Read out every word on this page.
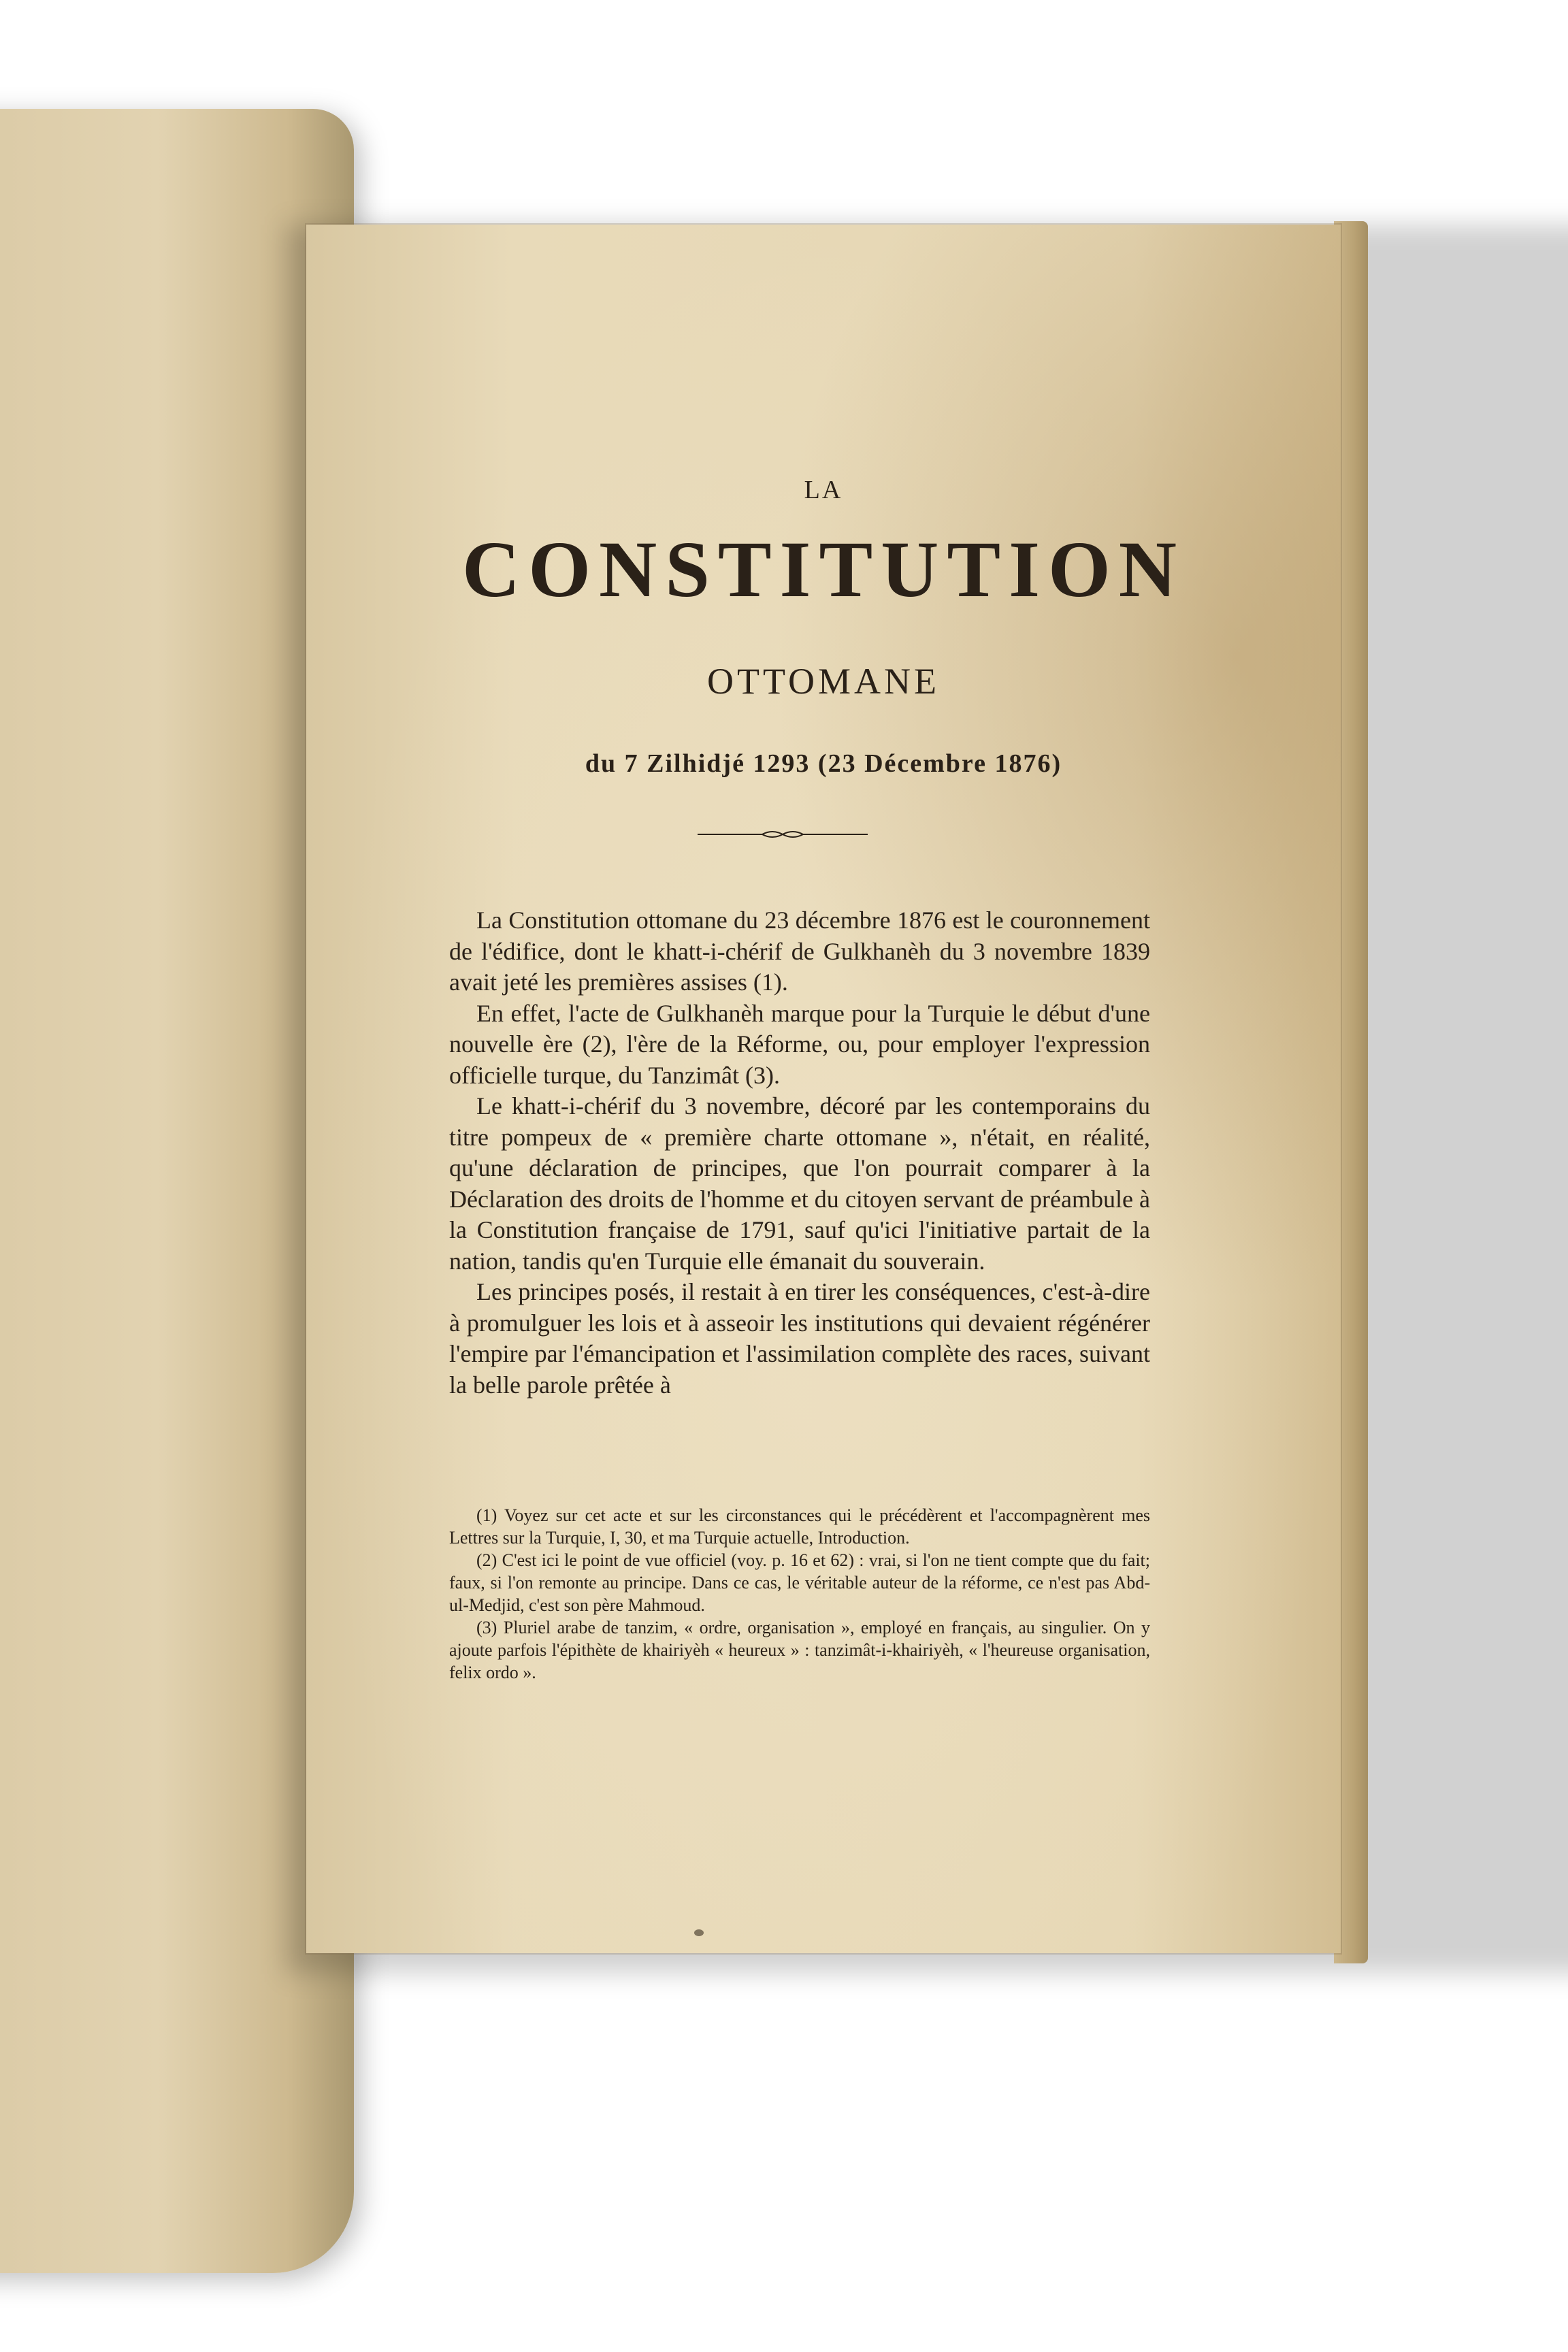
LA
CONSTITUTION
OTTOMANE
du 7 Zilhidjé 1293 (23 Décembre 1876)

La Constitution ottomane du 23 décembre 1876 est le couronnement de l'édifice, dont le khatt-i-chérif de Gulkhanèh du 3 novembre 1839 avait jeté les premières assises (1).

En effet, l'acte de Gulkhanèh marque pour la Turquie le début d'une nouvelle ère (2), l'ère de la Réforme, ou, pour employer l'expression officielle turque, du Tanzimât (3).

Le khatt-i-chérif du 3 novembre, décoré par les contemporains du titre pompeux de « première charte ottomane », n'était, en réalité, qu'une déclaration de principes, que l'on pourrait comparer à la Déclaration des droits de l'homme et du citoyen servant de préambule à la Constitution française de 1791, sauf qu'ici l'initiative partait de la nation, tandis qu'en Turquie elle émanait du souverain.

Les principes posés, il restait à en tirer les conséquences, c'est-à-dire à promulguer les lois et à asseoir les institutions qui devaient régénérer l'empire par l'émancipation et l'assimilation complète des races, suivant la belle parole prêtée à

(1) Voyez sur cet acte et sur les circonstances qui le précédèrent et l'accompagnèrent mes Lettres sur la Turquie, I, 30, et ma Turquie actuelle, Introduction.

(2) C'est ici le point de vue officiel (voy. p. 16 et 62) : vrai, si l'on ne tient compte que du fait; faux, si l'on remonte au principe. Dans ce cas, le véritable auteur de la réforme, ce n'est pas Abd-ul-Medjid, c'est son père Mahmoud.

(3) Pluriel arabe de tanzim, « ordre, organisation », employé en français, au singulier. On y ajoute parfois l'épithète de khairiyèh « heureux » : tanzimât-i-khairiyèh, « l'heureuse organisation, felix ordo ».
